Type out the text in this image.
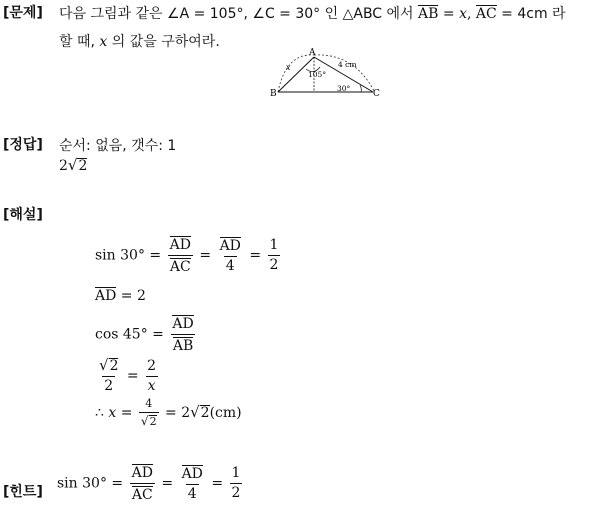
[문제] 다음 그림과 같은 ∠A = 105°, ∠C = 30° 인 △ABC 에서 AB = x, AC = 4cm 라
할 때, x 의 값을 구하여라.
A
B	C
105°
30°
4 cm
x
[정답] 순서: 없음, 갯수: 1
2 √ 2
[해설]
$\sin 30^\circ = \frac{AD}{AC} = \frac{AD}{4} = \frac{1}{2}$
AD = 2
$\cos 45^\circ = \frac{AD}{AB}$
$\frac{√ 2}{2} = \frac{2}{x}$
∴ $x = \frac{4}{√ 2} = 2$ √ 2 (cm)
[힌트]
$\sin 30^\circ = \frac{AD}{AC} = \frac{AD}{4} = \frac{1}{2}$
